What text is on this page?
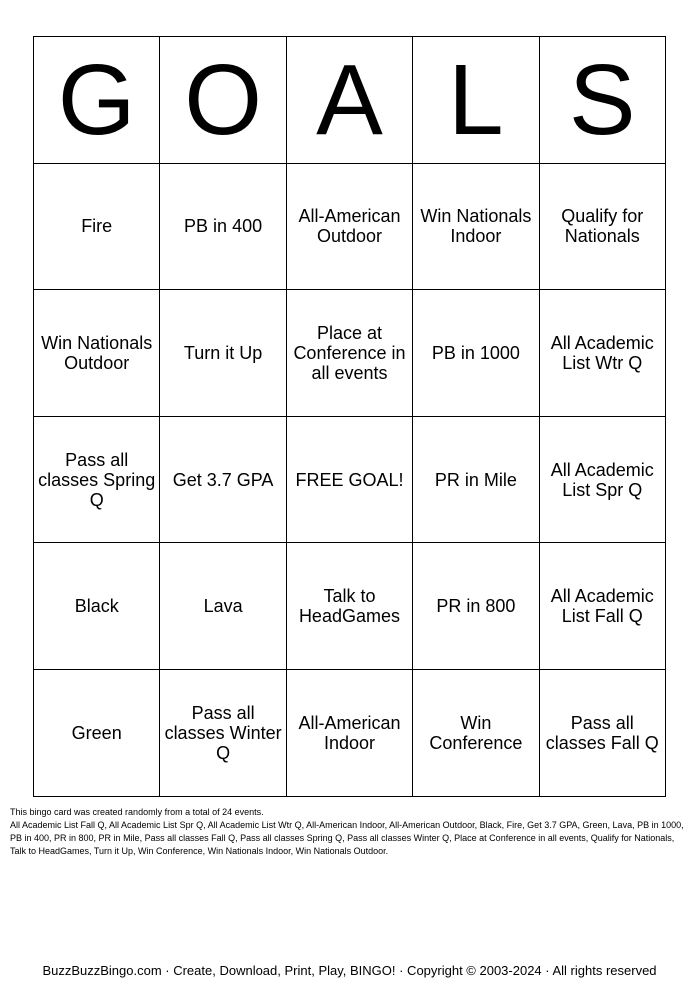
G	O	A	L	S

Fire	PB in 400	All-American Outdoor	Win Nationals Indoor	Qualify for Nationals

Win Nationals Outdoor	Turn it Up	Place at Conference in all events	PB in 1000	All Academic List Wtr Q

Pass all classes Spring Q	Get 3.7 GPA	FREE GOAL!	PR in Mile	All Academic List Spr Q

Black	Lava	Talk to HeadGames	PR in 800	All Academic List Fall Q

Green	Pass all classes Winter Q	All-American Indoor	Win Conference	Pass all classes Fall Q

This bingo card was created randomly from a total of 24 events.

All Academic List Fall Q, All Academic List Spr Q, All Academic List Wtr Q, All-American Indoor, All-American Outdoor, Black, Fire, Get 3.7 GPA, Green, Lava, PB in 1000, PB in 400, PR in 800, PR in Mile, Pass all classes Fall Q, Pass all classes Spring Q, Pass all classes Winter Q, Place at Conference in all events, Qualify for Nationals, Talk to HeadGames, Turn it Up, Win Conference, Win Nationals Indoor, Win Nationals Outdoor.

BuzzBuzzBingo.com · Create, Download, Print, Play, BINGO! · Copyright © 2003-2024 · All rights reserved
